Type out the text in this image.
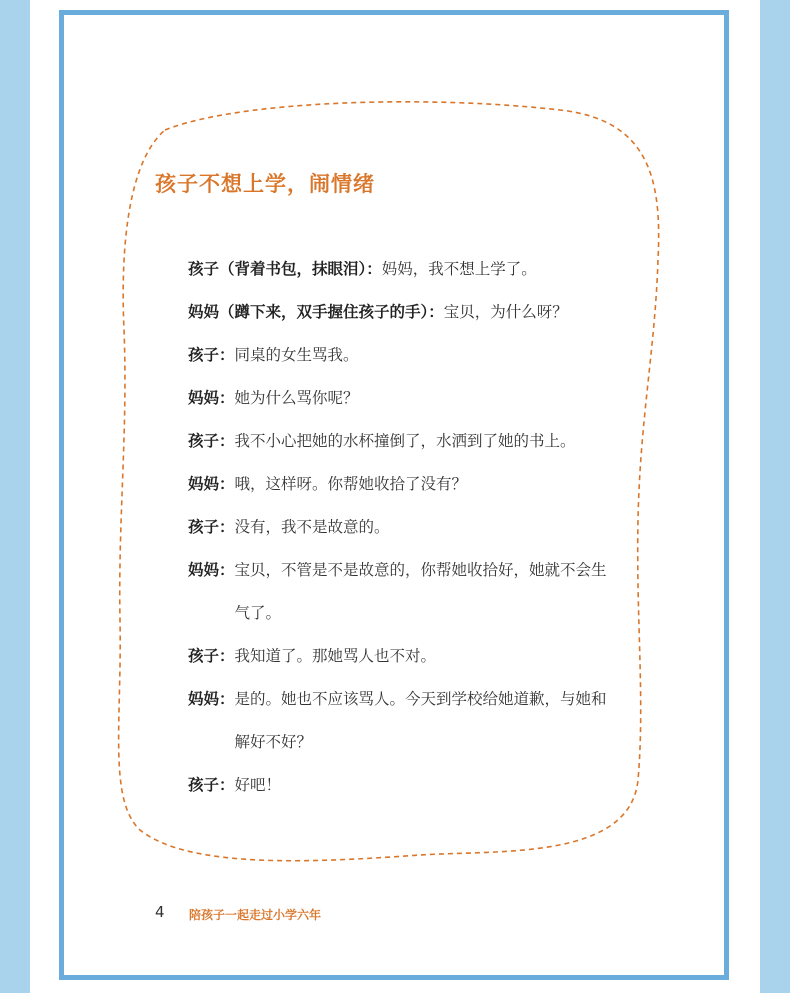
孩子不想上学，闹情绪
孩子（背着书包，抹眼泪）： 妈妈，我不想上学了。
妈妈（蹲下来，双手握住孩子的手）： 宝贝，为什么呀？
孩子： 同桌的女生骂我。
妈妈： 她为什么骂你呢？
孩子： 我不小心把她的水杯撞倒了，水洒到了她的书上。
妈妈： 哦，这样呀。你帮她收拾了没有？
孩子： 没有，我不是故意的。
妈妈： 宝贝，不管是不是故意的，你帮她收拾好，她就不会生气了。
孩子： 我知道了。那她骂人也不对。
妈妈： 是的。她也不应该骂人。今天到学校给她道歉，与她和解好不好？
孩子： 好吧！
4 陪孩子一起走过小学六年
